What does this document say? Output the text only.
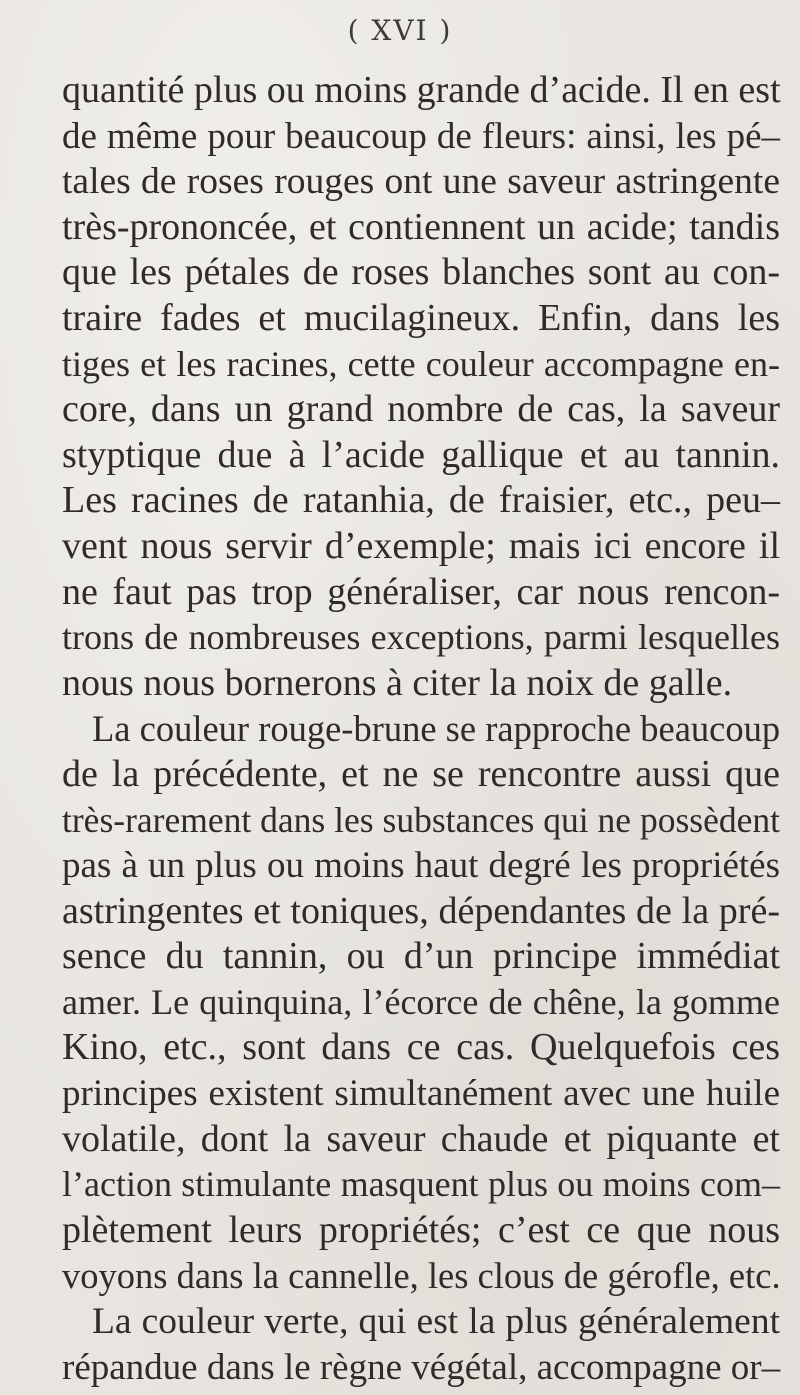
( XVI )
quantité plus ou moins grande d’acide. Il en est
de même pour beaucoup de fleurs: ainsi, les pé–
tales de roses rouges ont une saveur astringente
très-prononcée, et contiennent un acide; tandis
que les pétales de roses blanches sont au con-
traire fades et mucilagineux. Enfin, dans les
tiges et les racines, cette couleur accompagne en-
core, dans un grand nombre de cas, la saveur
styptique due à l’acide gallique et au tannin.
Les racines de ratanhia, de fraisier, etc., peu–
vent nous servir d’exemple; mais ici encore il
ne faut pas trop généraliser, car nous rencon-
trons de nombreuses exceptions, parmi lesquelles
nous nous bornerons à citer la noix de galle.
La couleur rouge-brune se rapproche beaucoup
de la précédente, et ne se rencontre aussi que
très-rarement dans les substances qui ne possèdent
pas à un plus ou moins haut degré les propriétés
astringentes et toniques, dépendantes de la pré-
sence du tannin, ou d’un principe immédiat
amer. Le quinquina, l’écorce de chêne, la gomme
Kino, etc., sont dans ce cas. Quelquefois ces
principes existent simultanément avec une huile
volatile, dont la saveur chaude et piquante et
l’action stimulante masquent plus ou moins com–
plètement leurs propriétés; c’est ce que nous
voyons dans la cannelle, les clous de gérofle, etc.
La couleur verte, qui est la plus généralement
répandue dans le règne végétal, accompagne or–
